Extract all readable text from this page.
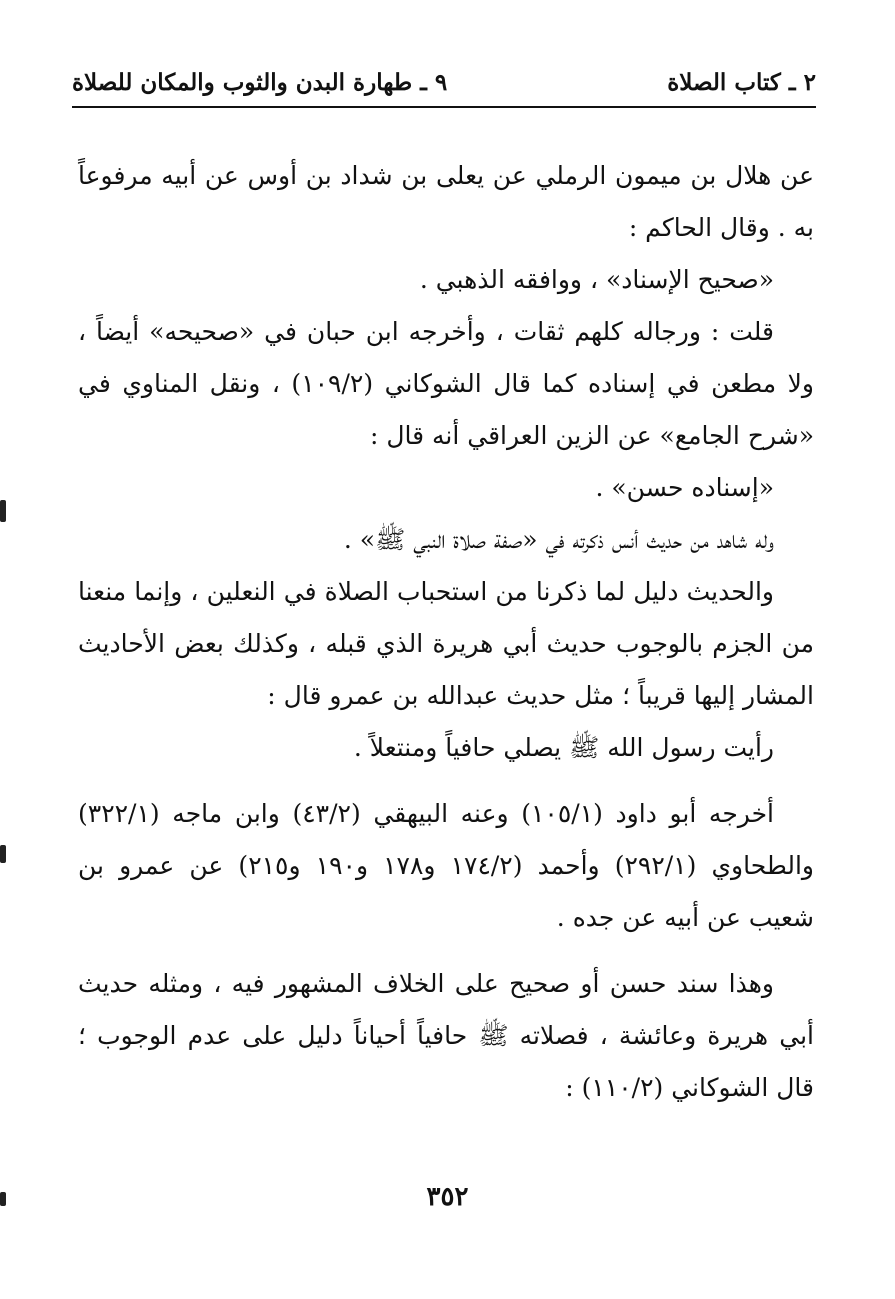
٢ ـ كتاب الصلاة
٩ ـ طهارة البدن والثوب والمكان للصلاة

عن هلال بن ميمون الرملي عن يعلى بن شداد بن أوس عن أبيه مرفوعاً به . وقال الحاكم :

«صحيح الإسناد» ، ووافقه الذهبي .

قلت : ورجاله كلهم ثقات ، وأخرجه ابن حبان في «صحيحه» أيضاً ، ولا مطعن في إسناده كما قال الشوكاني (١٠٩/٢) ، ونقل المناوي في «شرح الجامع» عن الزين العراقي أنه قال :

«إسناده حسن» .

وله شاهد من حديث أنس ذكرته في «صفة صلاة النبي ﷺ» .

والحديث دليل لما ذكرنا من استحباب الصلاة في النعلين ، وإنما منعنا من الجزم بالوجوب حديث أبي هريرة الذي قبله ، وكذلك بعض الأحاديث المشار إليها قريباً ؛ مثل حديث عبدالله بن عمرو قال :

رأيت رسول الله ﷺ يصلي حافياً ومنتعلاً .

أخرجه أبو داود (١٠٥/١) وعنه البيهقي (٤٣/٢) وابن ماجه (٣٢٢/١) والطحاوي (٢٩٢/١) وأحمد (١٧٤/٢ و١٧٨ و١٩٠ و٢١٥) عن عمرو بن شعيب عن أبيه عن جده .

وهذا سند حسن أو صحيح على الخلاف المشهور فيه ، ومثله حديث أبي هريرة وعائشة ، فصلاته ﷺ حافياً أحياناً دليل على عدم الوجوب ؛ قال الشوكاني (١١٠/٢) :

٣٥٢
